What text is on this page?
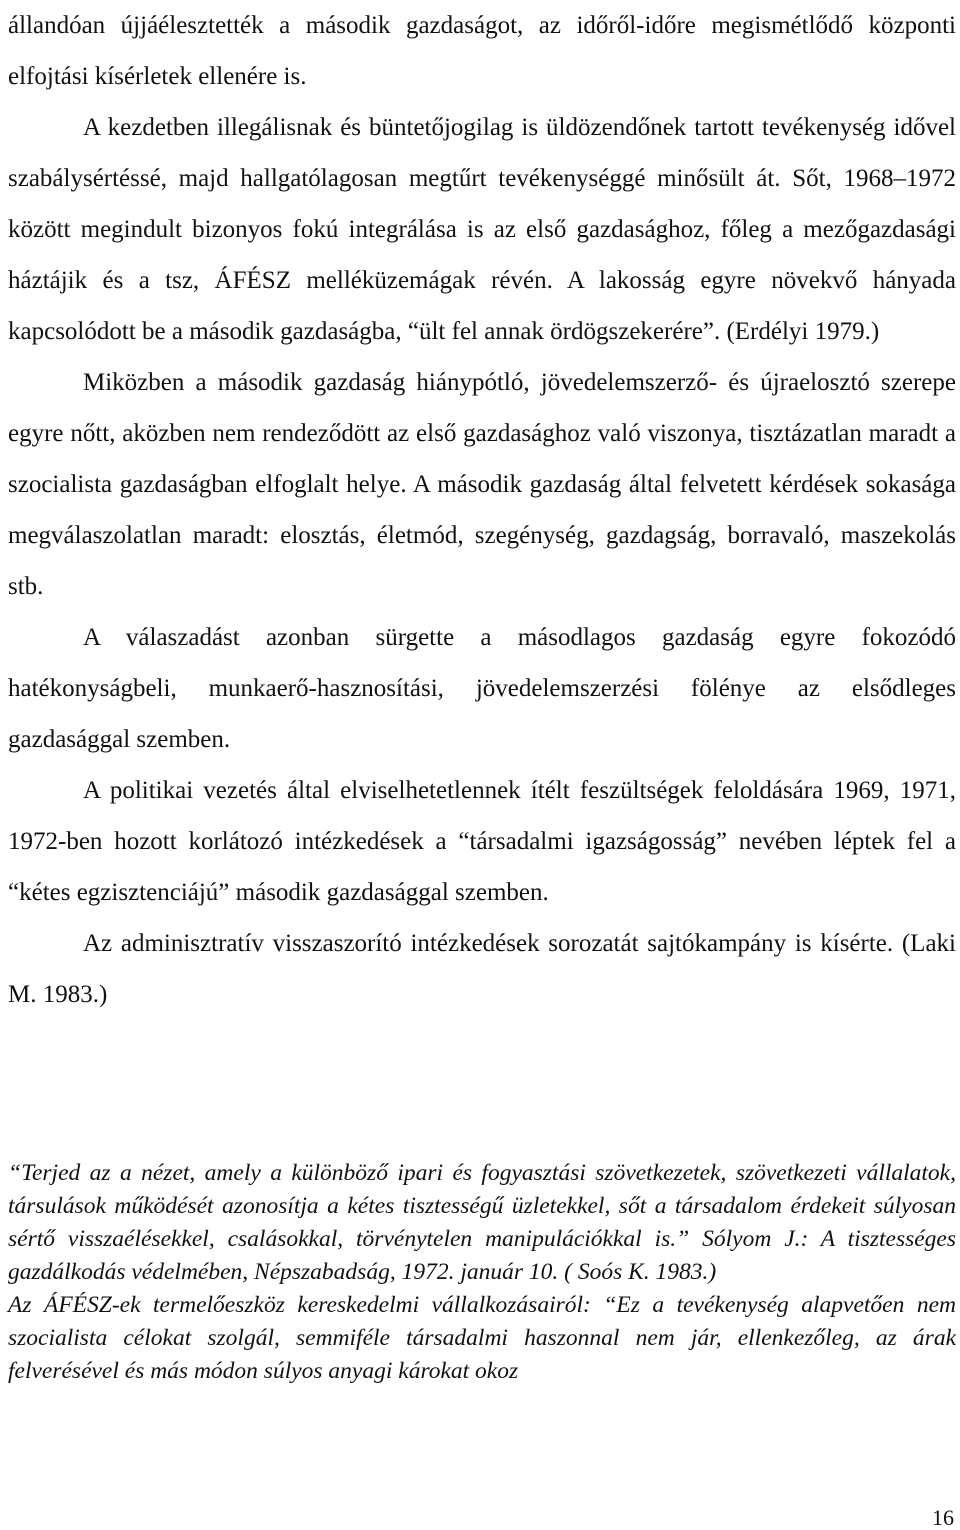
állandóan újjáélesztették a második gazdaságot, az időről-időre megismétlődő központi elfojtási kísérletek ellenére is.

A kezdetben illegálisnak és büntetőjogilag is üldözendőnek tartott tevékenység idővel szabálysértéssé, majd hallgatólagosan megtűrt tevékenységgé minősült át. Sőt, 1968–1972 között megindult bizonyos fokú integrálása is az első gazdasághoz, főleg a mezőgazdasági háztájik és a tsz, ÁFÉSZ melléküzemágak révén. A lakosság egyre növekvő hányada kapcsolódott be a második gazdaságba, “ült fel annak ördögszekerére”. (Erdélyi 1979.)

Miközben a második gazdaság hiánypótló, jövedelemszerző- és újraelosztó szerepe egyre nőtt, aközben nem rendeződött az első gazdasághoz való viszonya, tisztázatlan maradt a szocialista gazdaságban elfoglalt helye. A második gazdaság által felvetett kérdések sokasága megválaszolatlan maradt: elosztás, életmód, szegénység, gazdagság, borravaló, maszekolás stb.

A válaszadást azonban sürgette a másodlagos gazdaság egyre fokozódó hatékonyságbeli, munkaerő-hasznosítási, jövedelemszerzési fölénye az elsődleges gazdasággal szemben.

A politikai vezetés által elviselhetetlennek ítélt feszültségek feloldására 1969, 1971, 1972-ben hozott korlátozó intézkedések a “társadalmi igazságosság” nevében léptek fel a “kétes egzisztenciájú” második gazdasággal szemben.

Az adminisztratív visszaszorító intézkedések sorozatát sajtókampány is kísérte. (Laki M. 1983.)

“Terjed az a nézet, amely a különböző ipari és fogyasztási szövetkezetek, szövetkezeti vállalatok, társulások működését azonosítja a kétes tisztességű üzletekkel, sőt a társadalom érdekeit súlyosan sértő visszaélésekkel, csalásokkal, törvénytelen manipulációkkal is.” Sólyom J.: A tisztességes gazdálkodás védelmében, Népszabadság, 1972. január 10. ( Soós K. 1983.)

Az ÁFÉSZ-ek termelőeszköz kereskedelmi vállalkozásairól: “Ez a tevékenység alapvetően nem szocialista célokat szolgál, semmiféle társadalmi haszonnal nem jár, ellenkezőleg, az árak felverésével és más módon súlyos anyagi károkat okoz

16
